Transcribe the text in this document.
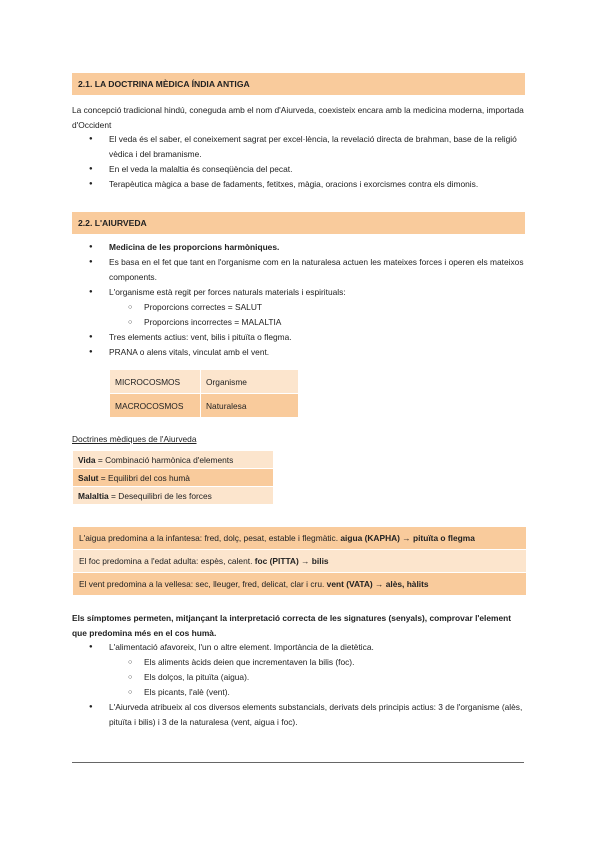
2.1. LA DOCTRINA MÈDICA ÍNDIA ANTIGA
La concepció tradicional hindú, coneguda amb el nom d'Aiurveda, coexisteix encara amb la medicina moderna, importada d'Occident
● El veda és el saber, el coneixement sagrat per excel·lència, la revelació directa de brahman, base de la religió vèdica i del bramanisme.
● En el veda la malaltia és conseqüència del pecat.
● Terapèutica màgica a base de fadaments, fetitxes, màgia, oracions i exorcismes contra els dimonis.
2.2. L'AIURVEDA
● Medicina de les proporcions harmòniques.
● Es basa en el fet que tant en l'organisme com en la naturalesa actuen les mateixes forces i operen els mateixos components.
● L'organisme està regit per forces naturals materials i espirituals:
○ Proporcions correctes = SALUT
○ Proporcions incorrectes = MALALTIA
● Tres elements actius: vent, bilis i pituïta o flegma.
● PRANA o alens vitals, vinculat amb el vent.
MICROCOSMOS	Organisme
MACROCOSMOS	Naturalesa
Doctrines mèdiques de l'Aiurveda
Vida = Combinació harmònica d'elements
Salut = Equilibri del cos humà
Malaltia = Desequilibri de les forces
L'aigua predomina a la infantesa: fred, dolç, pesat, estable i flegmàtic. aigua (KAPHA) → pituïta o flegma
El foc predomina a l'edat adulta: espès, calent. foc (PITTA) → bilis
El vent predomina a la vellesa: sec, lleuger, fred, delicat, clar i cru. vent (VATA) → alès, hàlits
Els símptomes permeten, mitjançant la interpretació correcta de les signatures (senyals), comprovar l'element que predomina més en el cos humà.
● L'alimentació afavoreix, l'un o altre element. Importància de la dietètica.
○ Els aliments àcids deien que incrementaven la bilis (foc).
○ Els dolços, la pituïta (aigua).
○ Els picants, l'alè (vent).
● L'Aiurveda atribueix al cos diversos elements substancials, derivats dels principis actius: 3 de l'organisme (alès, pituïta i bilis) i 3 de la naturalesa (vent, aigua i foc).
